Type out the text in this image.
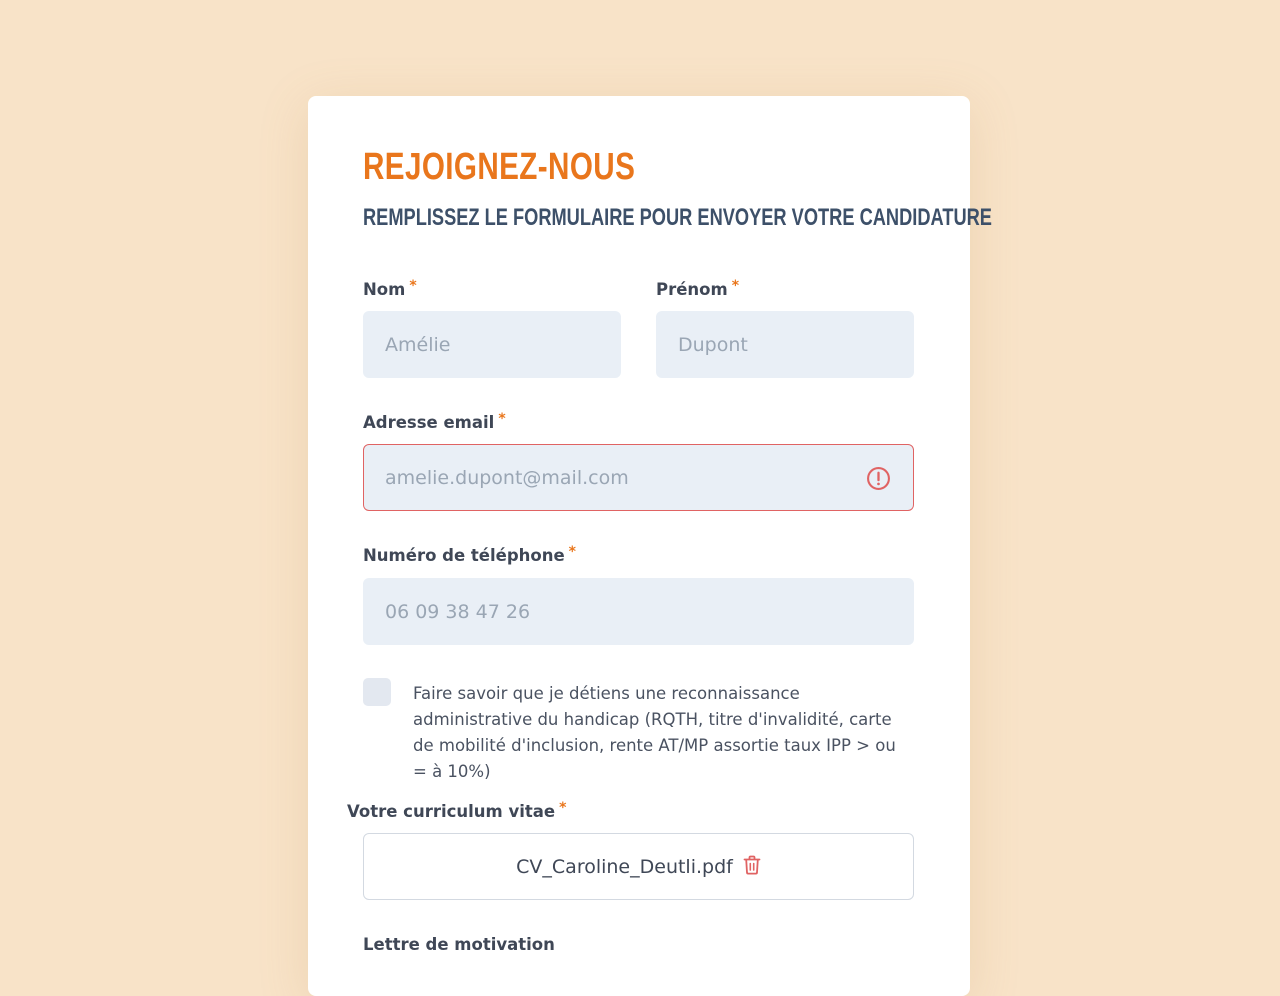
REJOIGNEZ-NOUS
REMPLISSEZ LE FORMULAIRE POUR ENVOYER VOTRE CANDIDATURE
Nom *
Amélie
Prénom *
Dupont
Adresse email *
amelie.dupont@mail.com
Numéro de téléphone *
06 09 38 47 26
Faire savoir que je détiens une reconnaissance administrative du handicap (RQTH, titre d'invalidité, carte de mobilité d'inclusion, rente AT/MP assortie taux IPP > ou = à 10%)
Votre curriculum vitae *
CV_Caroline_Deutli.pdf
Lettre de motivation
